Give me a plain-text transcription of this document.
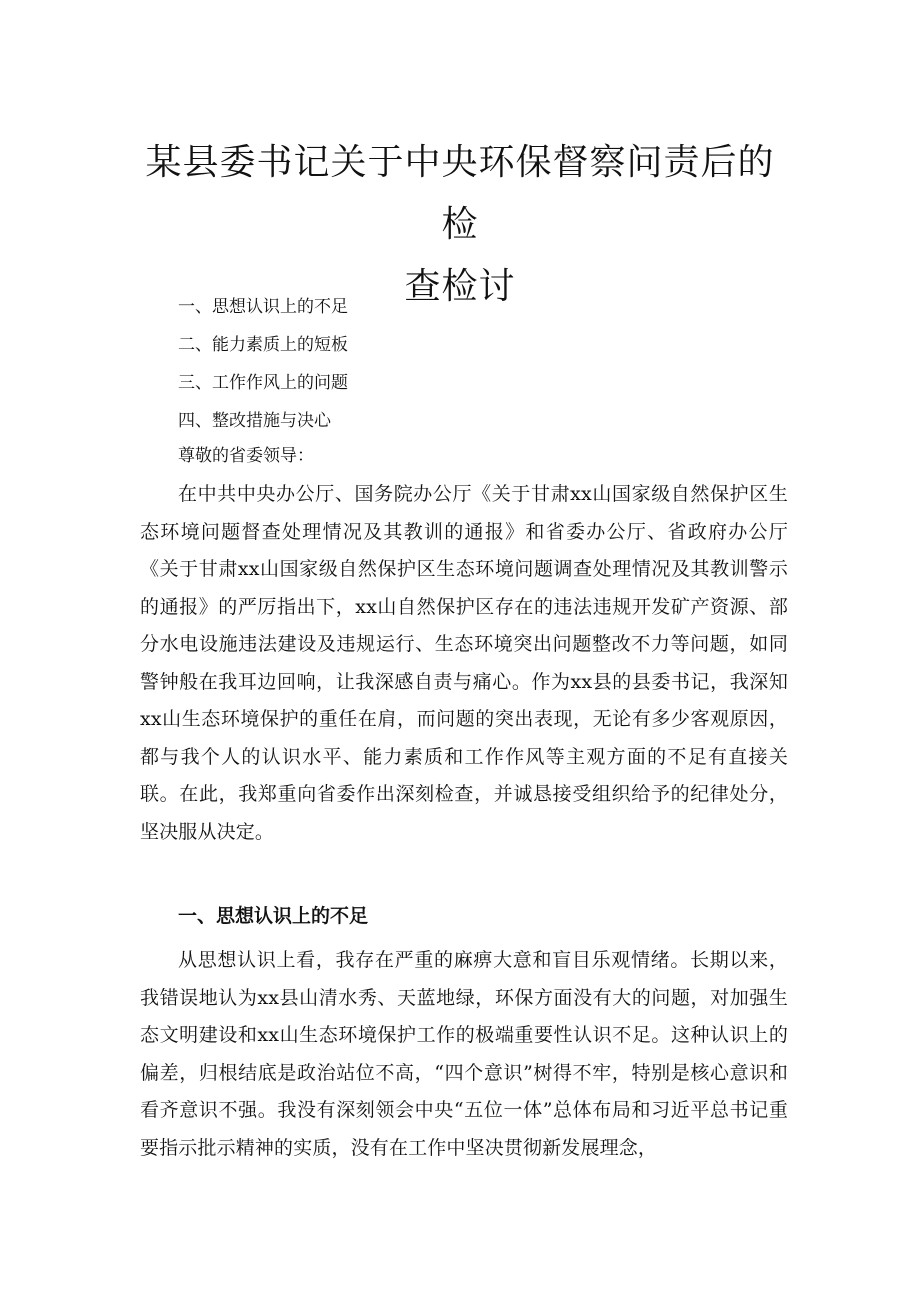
某县委书记关于中央环保督察问责后的检
查检讨
一、思想认识上的不足
二、能力素质上的短板
三、工作作风上的问题
四、整改措施与决心
尊敬的省委领导：

在中共中央办公厅、国务院办公厅《关于甘肃xx山国家级自然保护区生态环境问题督查处理情况及其教训的通报》和省委办公厅、省政府办公厅《关于甘肃xx山国家级自然保护区生态环境问题调查处理情况及其教训警示的通报》的严厉指出下，xx山自然保护区存在的违法违规开发矿产资源、部分水电设施违法建设及违规运行、生态环境突出问题整改不力等问题，如同警钟般在我耳边回响，让我深感自责与痛心。作为xx县的县委书记，我深知xx山生态环境保护的重任在肩，而问题的突出表现，无论有多少客观原因，都与我个人的认识水平、能力素质和工作作风等主观方面的不足有直接关联。在此，我郑重向省委作出深刻检查，并诚恳接受组织给予的纪律处分，坚决服从决定。

一、思想认识上的不足

从思想认识上看，我存在严重的麻痹大意和盲目乐观情绪。长期以来，我错误地认为xx县山清水秀、天蓝地绿，环保方面没有大的问题，对加强生态文明建设和xx山生态环境保护工作的极端重要性认识不足。这种认识上的偏差，归根结底是政治站位不高，“四个意识”树得不牢，特别是核心意识和看齐意识不强。我没有深刻领会中央“五位一体”总体布局和习近平总书记重要指示批示精神的实质，没有在工作中坚决贯彻新发展理念，
